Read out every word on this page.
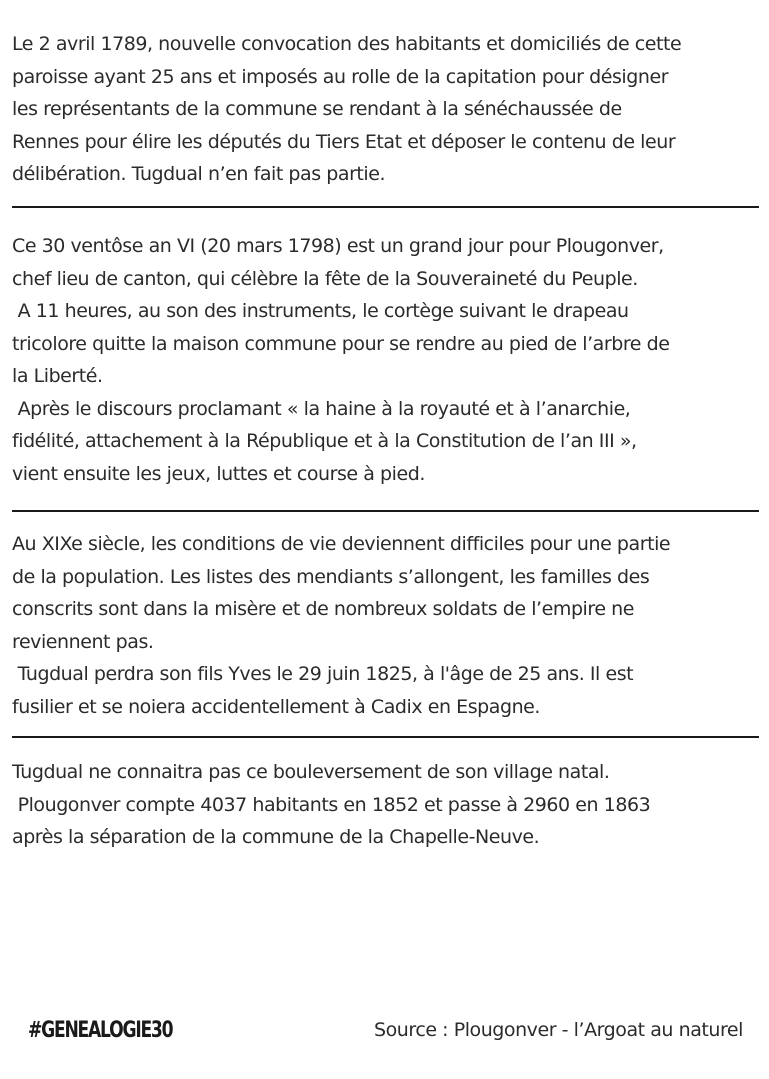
Le 2 avril 1789, nouvelle convocation des habitants et domiciliés de cette
paroisse ayant 25 ans et imposés au rolle de la capitation pour désigner
les représentants de la commune se rendant à la sénéchaussée de
Rennes pour élire les députés du Tiers Etat et déposer le contenu de leur
délibération. Tugdual n’en fait pas partie.

Ce 30 ventôse an VI (20 mars 1798) est un grand jour pour Plougonver,
chef lieu de canton, qui célèbre la fête de la Souveraineté du Peuple.
A 11 heures, au son des instruments, le cortège suivant le drapeau
tricolore quitte la maison commune pour se rendre au pied de l’arbre de
la Liberté.
Après le discours proclamant « la haine à la royauté et à l’anarchie,
fidélité, attachement à la République et à la Constitution de l’an III »,
vient ensuite les jeux, luttes et course à pied.

Au XIXe siècle, les conditions de vie deviennent difficiles pour une partie
de la population. Les listes des mendiants s’allongent, les familles des
conscrits sont dans la misère et de nombreux soldats de l’empire ne
reviennent pas.
Tugdual perdra son fils Yves le 29 juin 1825, à l'âge de 25 ans. Il est
fusilier et se noiera accidentellement à Cadix en Espagne.

Tugdual ne connaitra pas ce bouleversement de son village natal.
Plougonver compte 4037 habitants en 1852 et passe à 2960 en 1863
après la séparation de la commune de la Chapelle-Neuve.

#GENEALOGIE30	Source : Plougonver - l’Argoat au naturel
